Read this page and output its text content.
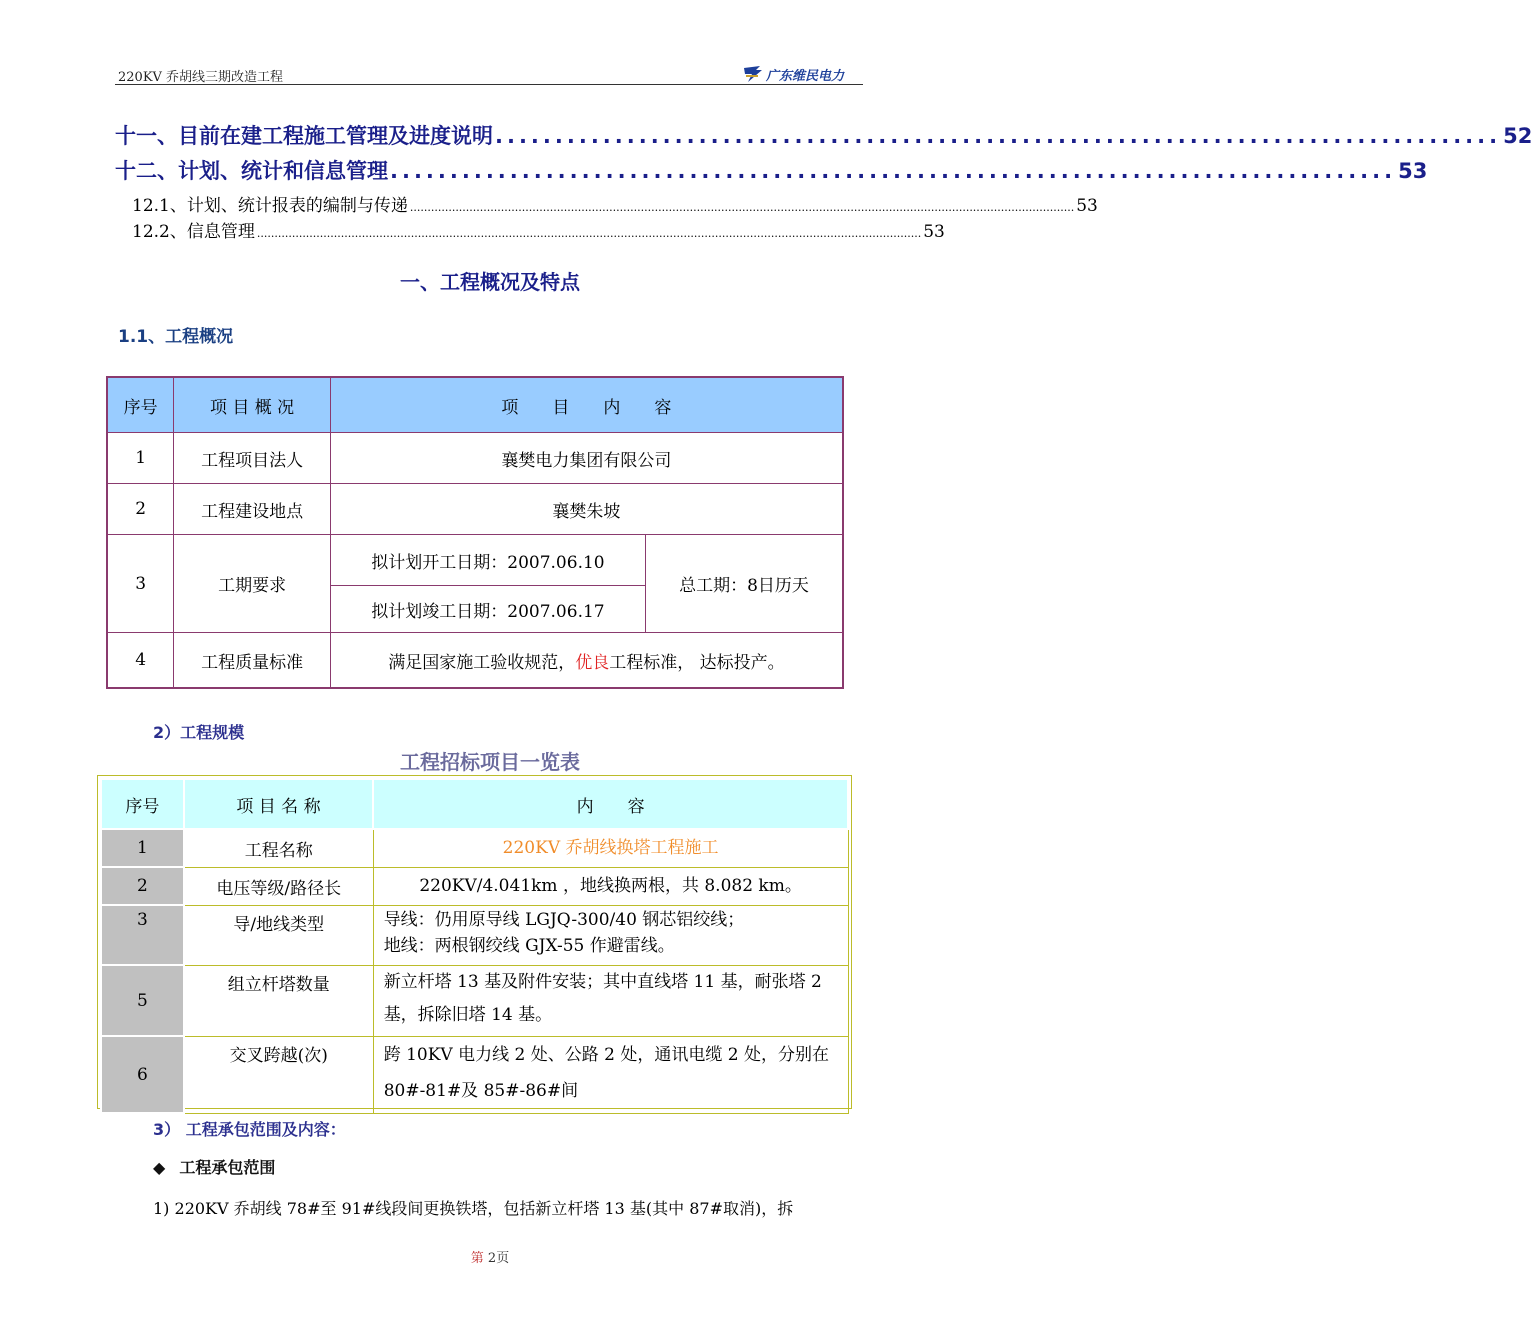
220KV 乔胡线三期改造工程	广东维民电力
十一、目前在建工程施工管理及进度说明 .................................................................................... 52
十二、计划、统计和信息管理 .................................................................................... 53
12.1、计划、统计报表的编制与传递 .............................................................................................................................................................................................. 53
12.2、信息管理 .............................................................................................................................................................................................. 53
一、工程概况及特点
1.1、工程概况
序号	项 目 概 况	项　　目　　内　　容	
1	工程项目法人	襄樊电力集团有限公司	
2	工程建设地点	襄樊朱坡	
3	工期要求	拟计划开工日期：2007.06.10	总工期：8日历天
		拟计划竣工日期：2007.06.17	
4	工程质量标准	满足国家施工验收规范，优良工程标准， 达标投产。	
2）工程规模
工程招标项目一览表
序号	项 目 名 称	内　　容
1	工程名称	220KV 乔胡线换塔工程施工
2	电压等级/路径长	220KV/4.041km ，地线换两根，共 8.082 km。
3	导/地线类型	导线：仍用原导线 LGJQ-300/40 钢芯铝绞线；
地线：两根钢绞线 GJX-55 作避雷线。

5	组立杆塔数量	新立杆塔 13 基及附件安装；其中直线塔 11 基，耐张塔 2
基，拆除旧塔 14 基。

6	交叉跨越(次)	跨 10KV 电力线 2 处、公路 2 处，通讯电缆 2 处，分别在
80#-81#及 85#-86#间
3） 工程承包范围及内容：
◆ 工程承包范围
1) 220KV 乔胡线 78#至 91#线段间更换铁塔，包括新立杆塔 13 基(其中 87#取消)，拆
第 2页
